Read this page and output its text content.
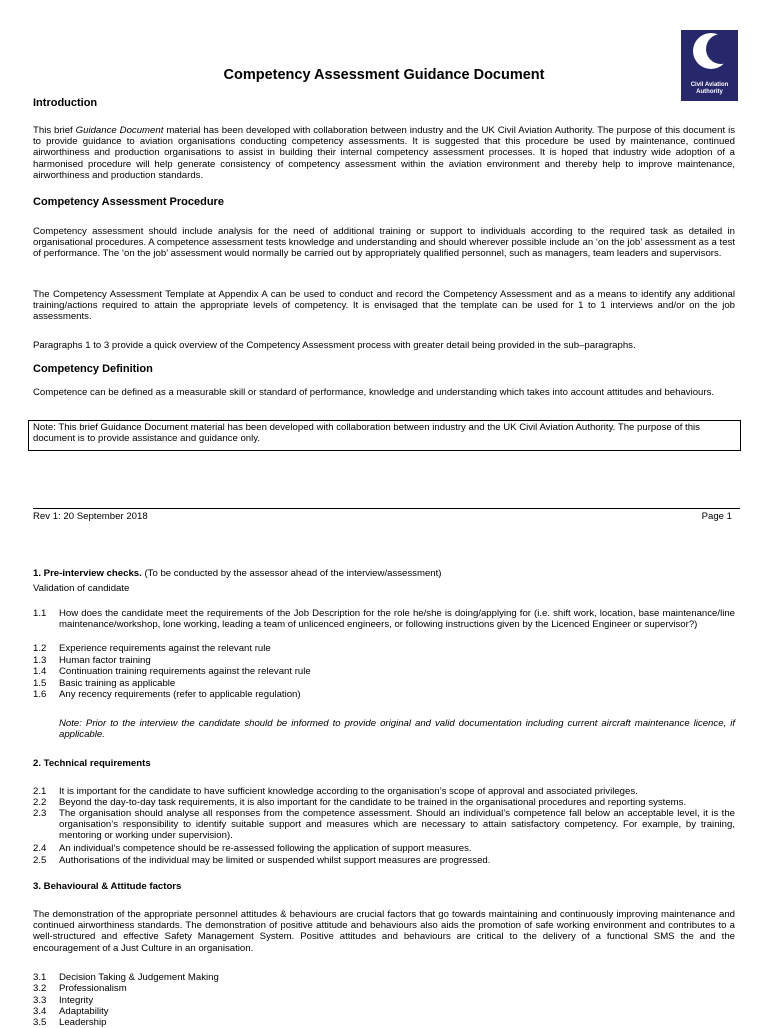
Civil Aviation
Authority
Competency Assessment Guidance Document
Introduction
This brief Guidance Document material has been developed with collaboration between industry and the UK Civil Aviation Authority. The purpose of this document is to provide guidance to aviation organisations conducting competency assessments. It is suggested that this procedure be used by maintenance, continued airworthiness and production organisations to assist in building their internal competency assessment processes. It is hoped that industry wide adoption of a harmonised procedure will help generate consistency of competency assessment within the aviation environment and thereby help to improve maintenance, airworthiness and production standards.
Competency Assessment Procedure
Competency assessment should include analysis for the need of additional training or support to individuals according to the required task as detailed in organisational procedures. A competence assessment tests knowledge and understanding and should wherever possible include an ‘on the job’ assessment as a test of performance. The ‘on the job’ assessment would normally be carried out by appropriately qualified personnel, such as managers, team leaders and supervisors.
The Competency Assessment Template at Appendix A can be used to conduct and record the Competency Assessment and as a means to identify any additional training/actions required to attain the appropriate levels of competency. It is envisaged that the template can be used for 1 to 1 interviews and/or on the job assessments.
Paragraphs 1 to 3 provide a quick overview of the Competency Assessment process with greater detail being provided in the sub–paragraphs.
Competency Definition
Competence can be defined as a measurable skill or standard of performance, knowledge and understanding which takes into account attitudes and behaviours.
Note: This brief Guidance Document material has been developed with collaboration between industry and the UK Civil Aviation Authority. The purpose of this document is to provide assistance and guidance only.
Rev 1: 20 September 2018	Page 1
1. Pre-interview checks. (To be conducted by the assessor ahead of the interview/assessment)
Validation of candidate
1.1 How does the candidate meet the requirements of the Job Description for the role he/she is doing/applying for (i.e. shift work, location, base maintenance/line maintenance/workshop, lone working, leading a team of unlicenced engineers, or following instructions given by the Licenced Engineer or supervisor?)
1.2 Experience requirements against the relevant rule
1.3 Human factor training
1.4 Continuation training requirements against the relevant rule
1.5 Basic training as applicable
1.6 Any recency requirements (refer to applicable regulation)
Note: Prior to the interview the candidate should be informed to provide original and valid documentation including current aircraft maintenance licence, if applicable.
2. Technical requirements
2.1 It is important for the candidate to have sufficient knowledge according to the organisation’s scope of approval and associated privileges.
2.2 Beyond the day-to-day task requirements, it is also important for the candidate to be trained in the organisational procedures and reporting systems.
2.3 The organisation should analyse all responses from the competence assessment. Should an individual’s competence fall below an acceptable level, it is the organisation’s responsibility to identify suitable support and measures which are necessary to attain satisfactory competency. For example, by training, mentoring or working under supervision).
2.4 An individual’s competence should be re-assessed following the application of support measures.
2.5 Authorisations of the individual may be limited or suspended whilst support measures are progressed.
3. Behavioural & Attitude factors
The demonstration of the appropriate personnel attitudes & behaviours are crucial factors that go towards maintaining and continuously improving maintenance and continued airworthiness standards. The demonstration of positive attitude and behaviours also aids the promotion of safe working environment and contributes to a well-structured and effective Safety Management System. Positive attitudes and behaviours are critical to the delivery of a functional SMS the and the encouragement of a Just Culture in an organisation.
3.1 Decision Taking & Judgement Making
3.2 Professionalism
3.3 Integrity
3.4 Adaptability
3.5 Leadership
